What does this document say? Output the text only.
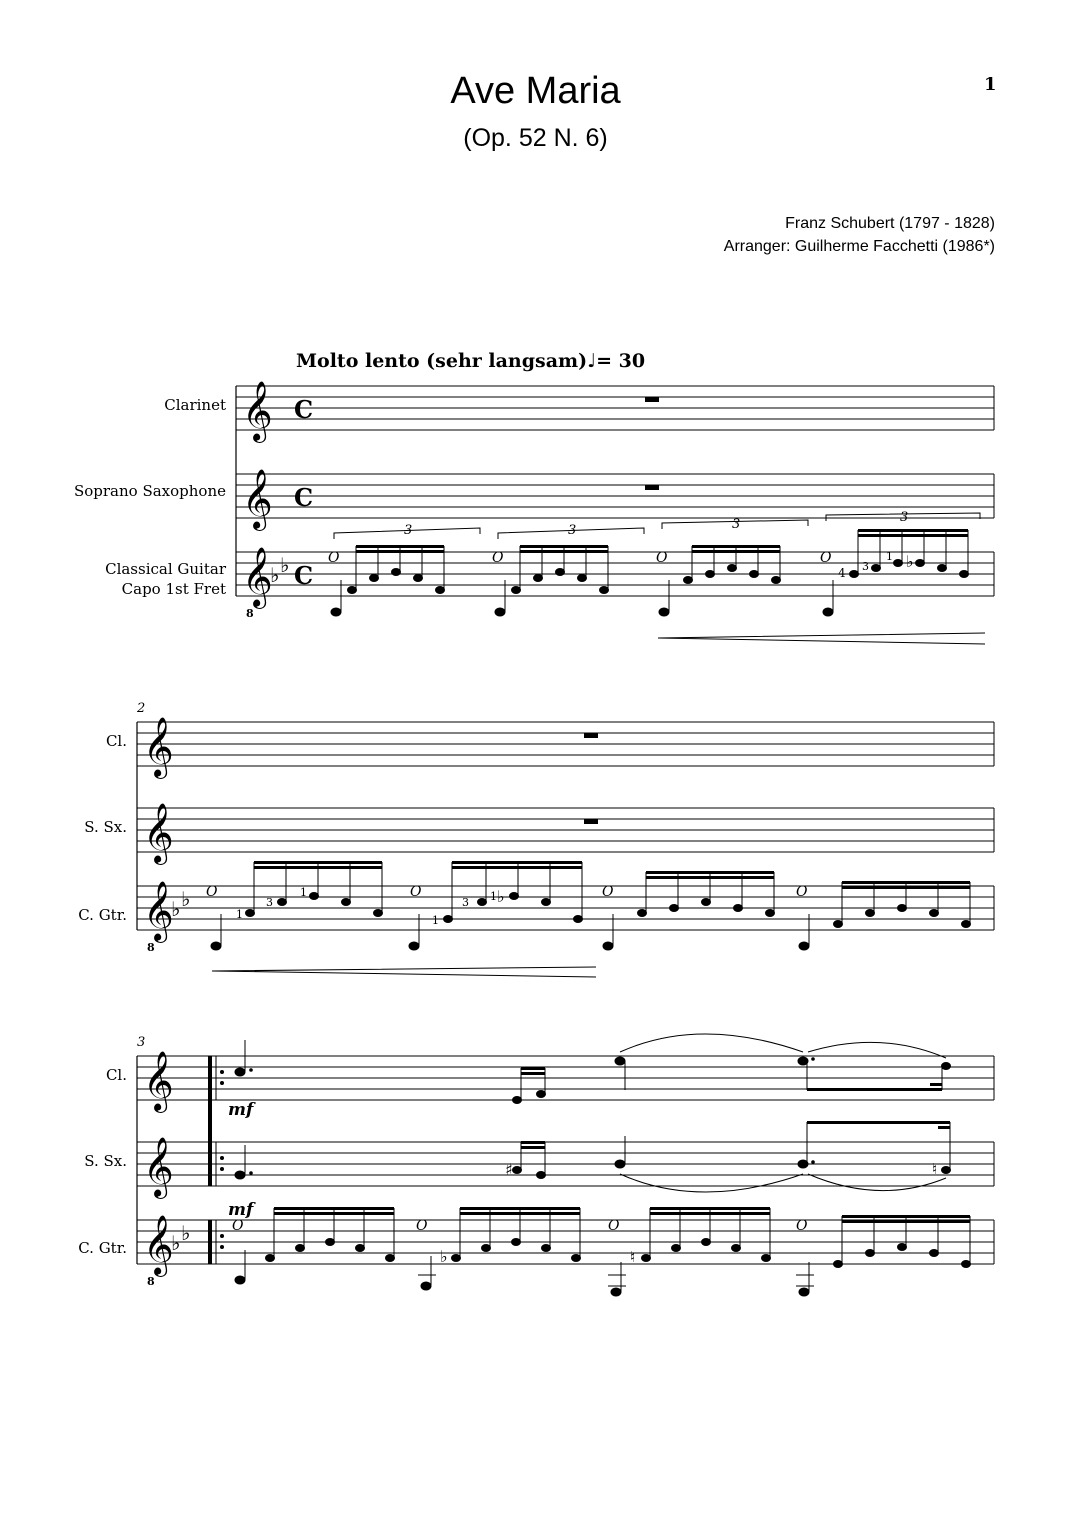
Ave Maria
(Op. 52 N. 6)
1
Franz Schubert (1797 - 1828)
Arranger: Guilherme Facchetti (1986*)
Molto lento (sehr langsam)♩= 30
Clarinet
Soprano Saxophone
Classical Guitar
Capo 1st Fret
Cl.
S. Sx.
C. Gtr.
Cl.
S. Sx.
C. Gtr.
𝄞
𝄞
𝄞
8
C
C
C
♭ ♭	𝑂
3
𝑂
3
𝑂
3
𝑂
3
4 3
1 ♭
2
𝄞
𝄞
𝄞
8
♭ ♭ 𝑂
1
3
1	𝑂
1
3 1 ♭	𝑂	𝑂
3
𝄞
𝄞
𝄞
8
♭ ♭
mf
mf
♯	♮
𝑂	𝑂
♭
𝑂
♮
𝑂
